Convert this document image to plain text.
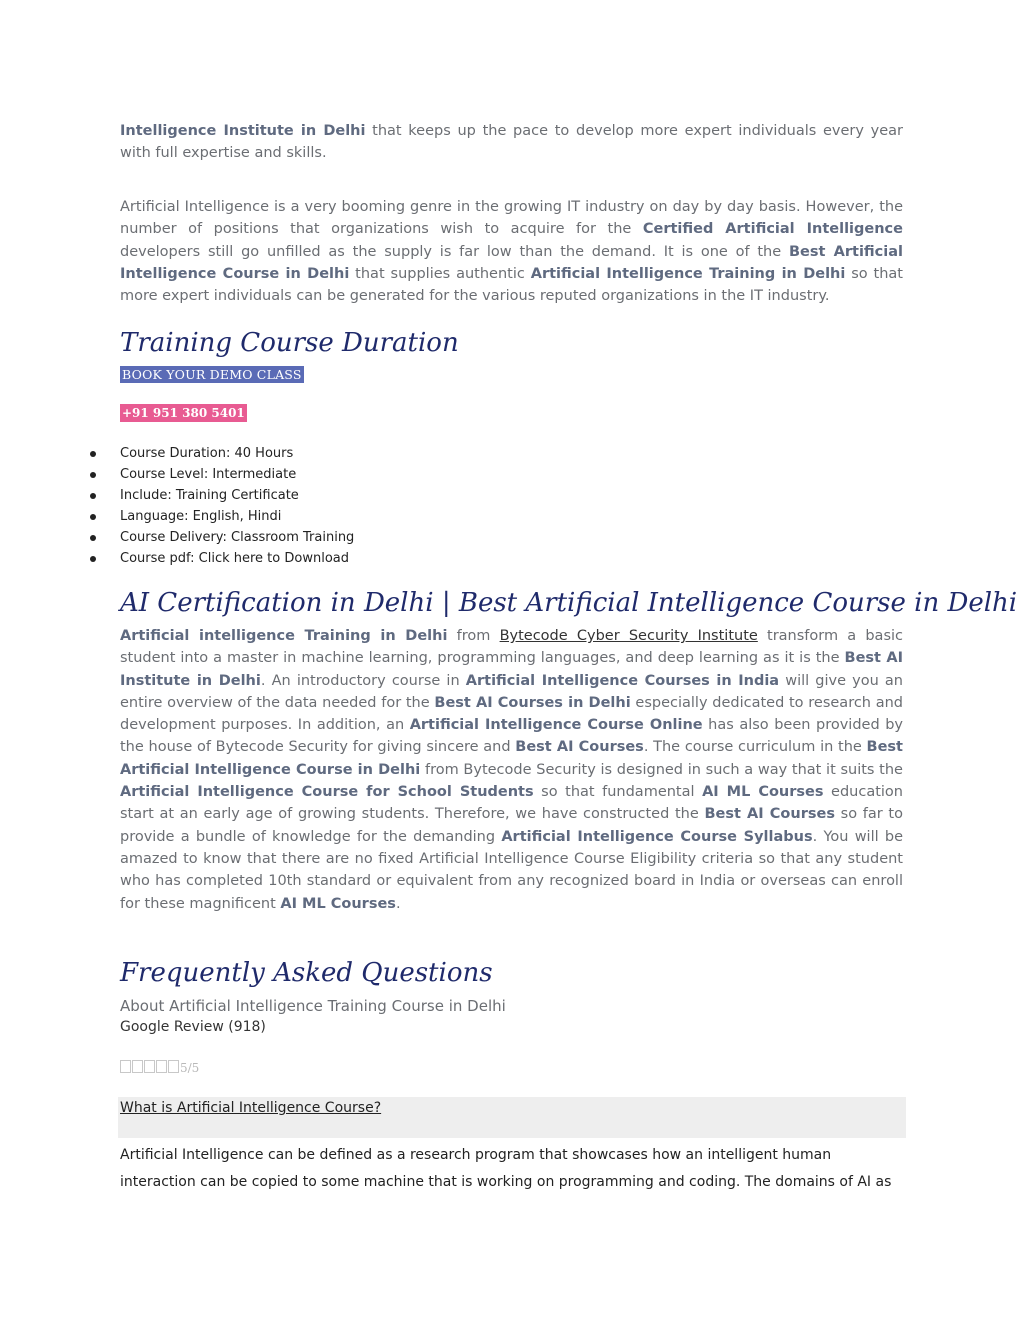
Intelligence Institute in Delhi that keeps up the pace to develop more expert individuals every year with full expertise and skills.

Artificial Intelligence is a very booming genre in the growing IT industry on day by day basis. However, the number of positions that organizations wish to acquire for the Certified Artificial Intelligence developers still go unfilled as the supply is far low than the demand. It is one of the Best Artificial Intelligence Course in Delhi that supplies authentic Artificial Intelligence Training in Delhi so that more expert individuals can be generated for the various reputed organizations in the IT industry.

Training Course Duration
BOOK YOUR DEMO CLASS
+91 951 380 5401
Course Duration: 40 Hours
Course Level: Intermediate
Include: Training Certificate
Language: English, Hindi
Course Delivery: Classroom Training
Course pdf: Click here to Download
AI Certification in Delhi | Best Artificial Intelligence Course in Delhi

Artificial intelligence Training in Delhi from Bytecode Cyber Security Institute transform a basic student into a master in machine learning, programming languages, and deep learning as it is the Best AI Institute in Delhi. An introductory course in Artificial Intelligence Courses in India will give you an entire overview of the data needed for the Best AI Courses in Delhi especially dedicated to research and development purposes. In addition, an Artificial Intelligence Course Online has also been provided by the house of Bytecode Security for giving sincere and Best AI Courses. The course curriculum in the Best Artificial Intelligence Course in Delhi from Bytecode Security is designed in such a way that it suits the Artificial Intelligence Course for School Students so that fundamental AI ML Courses education start at an early age of growing students. Therefore, we have constructed the Best AI Courses so far to provide a bundle of knowledge for the demanding Artificial Intelligence Course Syllabus. You will be amazed to know that there are no fixed Artificial Intelligence Course Eligibility criteria so that any student who has completed 10th standard or equivalent from any recognized board in India or overseas can enroll for these magnificent AI ML Courses.

Frequently Asked Questions
About Artificial Intelligence Training Course in Delhi
Google Review (918)
5/5
What is Artificial Intelligence Course?
Artificial Intelligence can be defined as a research program that showcases how an intelligent human interaction can be copied to some machine that is working on programming and coding. The domains of AI as
